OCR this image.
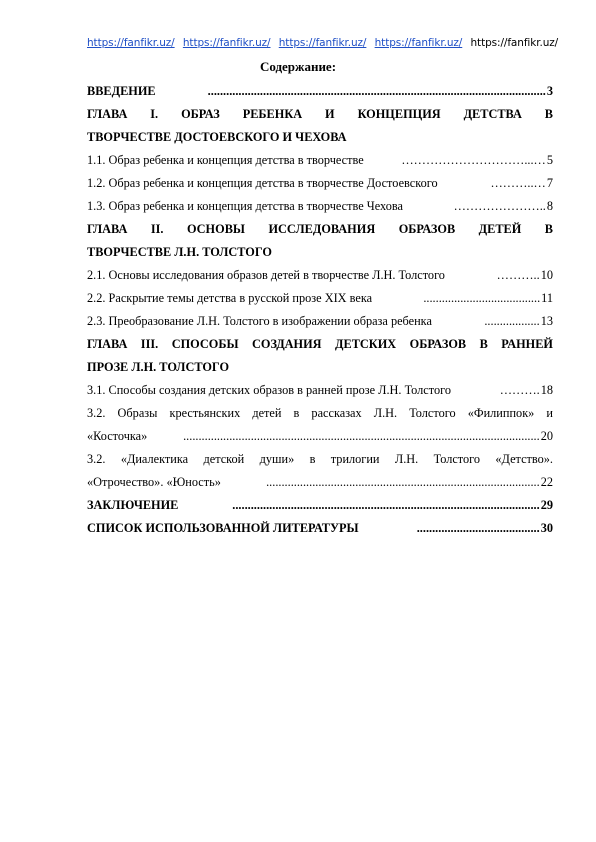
https://fanfikr.uz/ https://fanfikr.uz/ https://fanfikr.uz/ https://fanfikr.uz/ https://fanfikr.uz/
Содержание:
ВВЕДЕНИЕ	.............................................................................................................. 3
ГЛАВА I. ОБРАЗ РЕБЕНКА И КОНЦЕПЦИЯ ДЕТСТВА В
ТВОРЧЕСТВЕ ДОСТОЕВСКОГО И ЧЕХОВА
1.1. Образ ребенка и концепция детства в творчестве	…………………………...… 5
1.2. Образ ребенка и концепция детства в творчестве Достоевского	………..… 7
1.3. Образ ребенка и концепция детства в творчестве Чехова	………………….. 8
ГЛАВА II. ОСНОВЫ ИССЛЕДОВАНИЯ ОБРАЗОВ ДЕТЕЙ В
ТВОРЧЕСТВЕ Л.Н. ТОЛСТОГО
2.1. Основы исследования образов детей в творчестве Л.Н. Толстого	……….. 10
2.2. Раскрытие темы детства в русской прозе XIX века	...................................... 11
2.3. Преобразование Л.Н. Толстого в изображении образа ребенка	.................. 13
ГЛАВА III. СПОСОБЫ СОЗДАНИЯ ДЕТСКИХ ОБРАЗОВ В РАННЕЙ
ПРОЗЕ Л.Н. ТОЛСТОГО
3.1. Способы создания детских образов в ранней прозе Л.Н. Толстого	………. 18
3.2. Образы крестьянских детей в рассказах Л.Н. Толстого «Филиппок» и
«Косточка»	.................................................................................................................... 20
3.2. «Диалектика детской души» в трилогии Л.Н. Толстого «Детство».
«Отрочество». «Юность»	......................................................................................... 22
ЗАКЛЮЧЕНИЕ	.................................................................................................... 29
СПИСОК ИСПОЛЬЗОВАННОЙ ЛИТЕРАТУРЫ	........................................ 30
